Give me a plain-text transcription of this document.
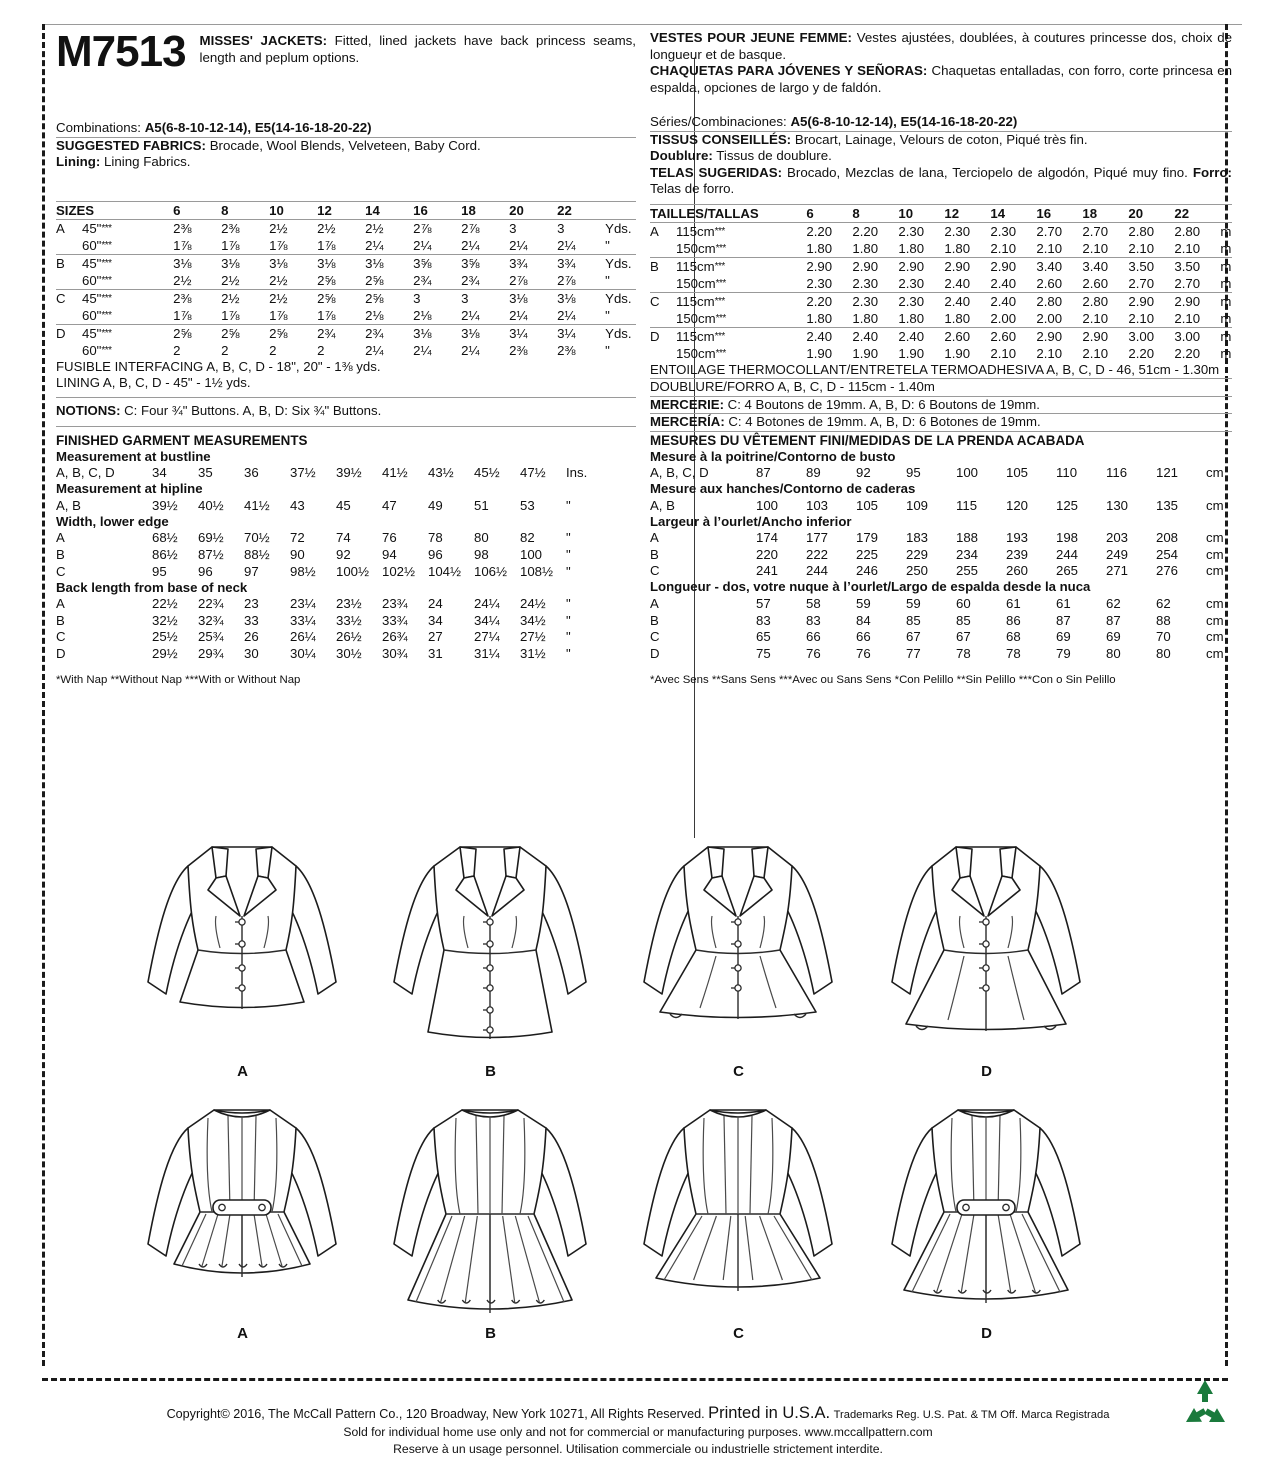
M7513 MISSES' JACKETS: Fitted, lined jackets have back princess seams, length and peplum options.
Combinations: A5(6-8-10-12-14), E5(14-16-18-20-22)
SUGGESTED FABRICS: Brocade, Wool Blends, Velveteen, Baby Cord.
Lining: Lining Fabrics.
SIZES		6	8	10	12	14	16	18	20	22	
A	45"***	2⅜	2⅜	2½	2½	2½	2⅞	2⅞	3	3	Yds.
	60"***	1⅞	1⅞	1⅞	1⅞	2¼	2¼	2¼	2¼	2¼	"
B	45"***	3⅛	3⅛	3⅛	3⅛	3⅛	3⅝	3⅝	3¾	3¾	Yds.
	60"***	2½	2½	2½	2⅝	2⅝	2¾	2¾	2⅞	2⅞	"
C	45"***	2⅜	2½	2½	2⅝	2⅝	3	3	3⅛	3⅛	Yds.
	60"***	1⅞	1⅞	1⅞	1⅞	2⅛	2⅛	2¼	2¼	2¼	"
D	45"***	2⅝	2⅝	2⅝	2¾	2¾	3⅛	3⅛	3¼	3¼	Yds.
	60"***	2	2	2	2	2¼	2¼	2¼	2⅜	2⅜	"
FUSIBLE INTERFACING A, B, C, D - 18", 20" - 1⅜ yds.
LINING A, B, C, D - 45" - 1½ yds.
NOTIONS: C: Four ¾" Buttons. A, B, D: Six ¾" Buttons.
FINISHED GARMENT MEASUREMENTS
Measurement at bustline
A, B, C, D	34	35	36	37½	39½	41½	43½	45½	47½	Ins.
Measurement at hipline
A, B	39½	40½	41½	43	45	47	49	51	53	"
Width, lower edge
A	68½	69½	70½	72	74	76	78	80	82	"
B	86½	87½	88½	90	92	94	96	98	100	"
C	95	96	97	98½	100½	102½	104½	106½	108½	"
Back length from base of neck
A	22½	22¾	23	23¼	23½	23¾	24	24¼	24½	"
B	32½	32¾	33	33¼	33½	33¾	34	34¼	34½	"
C	25½	25¾	26	26¼	26½	26¾	27	27¼	27½	"
D	29½	29¾	30	30¼	30½	30¾	31	31¼	31½	"
*With Nap **Without Nap ***With or Without Nap
VESTES POUR JEUNE FEMME: Vestes ajustées, doublées, à coutures princesse dos, choix de longueur et de basque.
CHAQUETAS PARA JÓVENES Y SEÑORAS: Chaquetas entalladas, con forro, corte princesa en espalda, opciones de largo y de faldón.
Séries/Combinaciones: A5(6-8-10-12-14), E5(14-16-18-20-22)
TISSUS CONSEILLÉS: Brocart, Lainage, Velours de coton, Piqué très fin.
Doublure: Tissus de doublure.
TELAS SUGERIDAS: Brocado, Mezclas de lana, Terciopelo de algodón, Piqué muy fino. Forro: Telas de forro.
TAILLES/TALLAS		6	8	10	12	14	16	18	20	22	
A	115cm***	2.20	2.20	2.30	2.30	2.30	2.70	2.70	2.80	2.80	m
	150cm***	1.80	1.80	1.80	1.80	2.10	2.10	2.10	2.10	2.10	m
B	115cm***	2.90	2.90	2.90	2.90	2.90	3.40	3.40	3.50	3.50	m
	150cm***	2.30	2.30	2.30	2.40	2.40	2.60	2.60	2.70	2.70	m
C	115cm***	2.20	2.30	2.30	2.40	2.40	2.80	2.80	2.90	2.90	m
	150cm***	1.80	1.80	1.80	1.80	2.00	2.00	2.10	2.10	2.10	m
D	115cm***	2.40	2.40	2.40	2.60	2.60	2.90	2.90	3.00	3.00	m
	150cm***	1.90	1.90	1.90	1.90	2.10	2.10	2.10	2.20	2.20	m
ENTOILAGE THERMOCOLLANT/ENTRETELA TERMOADHESIVA A, B, C, D - 46, 51cm - 1.30m
DOUBLURE/FORRO A, B, C, D - 115cm - 1.40m
MERCERIE: C: 4 Boutons de 19mm. A, B, D: 6 Boutons de 19mm.
MERCERÍA: C: 4 Botones de 19mm. A, B, D: 6 Botones de 19mm.
MESURES DU VÊTEMENT FINI/MEDIDAS DE LA PRENDA ACABADA
Mesure à la poitrine/Contorno de busto
A, B, C, D	87	89	92	95	100	105	110	116	121	cm
Mesure aux hanches/Contorno de caderas
A, B	100	103	105	109	115	120	125	130	135	cm
Largeur à l’ourlet/Ancho inferior
A	174	177	179	183	188	193	198	203	208	cm
B	220	222	225	229	234	239	244	249	254	cm
C	241	244	246	250	255	260	265	271	276	cm
Longueur - dos, votre nuque à l’ourlet/Largo de espalda desde la nuca
A	57	58	59	59	60	61	61	62	62	cm
B	83	83	84	85	85	86	87	87	88	cm
C	65	66	66	67	67	68	69	69	70	cm
D	75	76	76	77	78	78	79	80	80	cm
*Avec Sens **Sans Sens ***Avec ou Sans Sens *Con Pelillo **Sin Pelillo ***Con o Sin Pelillo
A	B	C	D
A	B	C	D
Copyright© 2016, The McCall Pattern Co., 120 Broadway, New York 10271, All Rights Reserved. Printed in U.S.A. Trademarks Reg. U.S. Pat. & TM Off. Marca Registrada
Sold for individual home use only and not for commercial or manufacturing purposes. www.mccallpattern.com
Reserve à un usage personnel. Utilisation commerciale ou industrielle strictement interdite.
